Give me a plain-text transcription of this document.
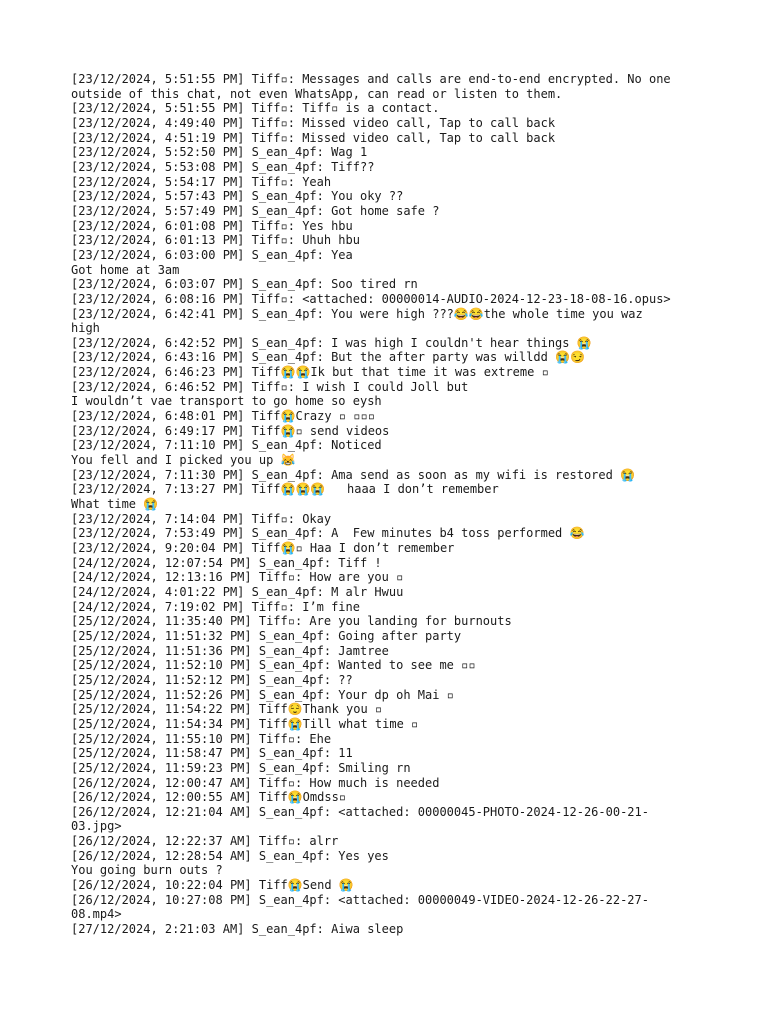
[23/12/2024, 5:51:55 PM] Tiff▫: Messages and calls are end-to-end encrypted. No one
outside of this chat, not even WhatsApp, can read or listen to them.
[23/12/2024, 5:51:55 PM] Tiff▫: Tiff▫ is a contact.
[23/12/2024, 4:49:40 PM] Tiff▫: Missed video call, Tap to call back
[23/12/2024, 4:51:19 PM] Tiff▫: Missed video call, Tap to call back
[23/12/2024, 5:52:50 PM] S_ean_4pf: Wag 1
[23/12/2024, 5:53:08 PM] S_ean_4pf: Tiff??
[23/12/2024, 5:54:17 PM] Tiff▫: Yeah
[23/12/2024, 5:57:43 PM] S_ean_4pf: You oky ??
[23/12/2024, 5:57:49 PM] S_ean_4pf: Got home safe ?
[23/12/2024, 6:01:08 PM] Tiff▫: Yes hbu
[23/12/2024, 6:01:13 PM] Tiff▫: Uhuh hbu
[23/12/2024, 6:03:00 PM] S_ean_4pf: Yea
Got home at 3am
[23/12/2024, 6:03:07 PM] S_ean_4pf: Soo tired rn
[23/12/2024, 6:08:16 PM] Tiff▫: <attached: 00000014-AUDIO-2024-12-23-18-08-16.opus>
[23/12/2024, 6:42:41 PM] S_ean_4pf: You were high ???😂😂the whole time you waz
high
[23/12/2024, 6:42:52 PM] S_ean_4pf: I was high I couldn't hear things 😭
[23/12/2024, 6:43:16 PM] S_ean_4pf: But the after party was willdd 😭😏
[23/12/2024, 6:46:23 PM] Tiff😭😭Ik but that time it was extreme ▫
[23/12/2024, 6:46:52 PM] Tiff▫: I wish I could Joll but
I wouldn’t vae transport to go home so eysh
[23/12/2024, 6:48:01 PM] Tiff😭Crazy ▫ ▫▫▫
[23/12/2024, 6:49:17 PM] Tiff😭▫ send videos
[23/12/2024, 7:11:10 PM] S_ean_4pf: Noticed
You fell and I picked you up 😹
[23/12/2024, 7:11:30 PM] S_ean_4pf: Ama send as soon as my wifi is restored 😭
[23/12/2024, 7:13:27 PM] Tiff😭😭😭   haaa I don’t remember
What time 😭
[23/12/2024, 7:14:04 PM] Tiff▫: Okay
[23/12/2024, 7:53:49 PM] S_ean_4pf: A  Few minutes b4 toss performed 😂
[23/12/2024, 9:20:04 PM] Tiff😭▫ Haa I don’t remember
[24/12/2024, 12:07:54 PM] S_ean_4pf: Tiff !
[24/12/2024, 12:13:16 PM] Tiff▫: How are you ▫
[24/12/2024, 4:01:22 PM] S_ean_4pf: M alr Hwuu
[24/12/2024, 7:19:02 PM] Tiff▫: I’m fine
[25/12/2024, 11:35:40 PM] Tiff▫: Are you landing for burnouts
[25/12/2024, 11:51:32 PM] S_ean_4pf: Going after party
[25/12/2024, 11:51:36 PM] S_ean_4pf: Jamtree
[25/12/2024, 11:52:10 PM] S_ean_4pf: Wanted to see me ▫▫
[25/12/2024, 11:52:12 PM] S_ean_4pf: ??
[25/12/2024, 11:52:26 PM] S_ean_4pf: Your dp oh Mai ▫
[25/12/2024, 11:54:22 PM] Tiff😌Thank you ▫
[25/12/2024, 11:54:34 PM] Tiff😭Till what time ▫
[25/12/2024, 11:55:10 PM] Tiff▫: Ehe
[25/12/2024, 11:58:47 PM] S_ean_4pf: 11
[25/12/2024, 11:59:23 PM] S_ean_4pf: Smiling rn
[26/12/2024, 12:00:47 AM] Tiff▫: How much is needed
[26/12/2024, 12:00:55 AM] Tiff😭Omdss▫
[26/12/2024, 12:21:04 AM] S_ean_4pf: <attached: 00000045-PHOTO-2024-12-26-00-21-
03.jpg>
[26/12/2024, 12:22:37 AM] Tiff▫: alrr
[26/12/2024, 12:28:54 AM] S_ean_4pf: Yes yes
You going burn outs ?
[26/12/2024, 10:22:04 PM] Tiff😭Send 😭
[26/12/2024, 10:27:08 PM] S_ean_4pf: <attached: 00000049-VIDEO-2024-12-26-22-27-
08.mp4>
[27/12/2024, 2:21:03 AM] S_ean_4pf: Aiwa sleep
